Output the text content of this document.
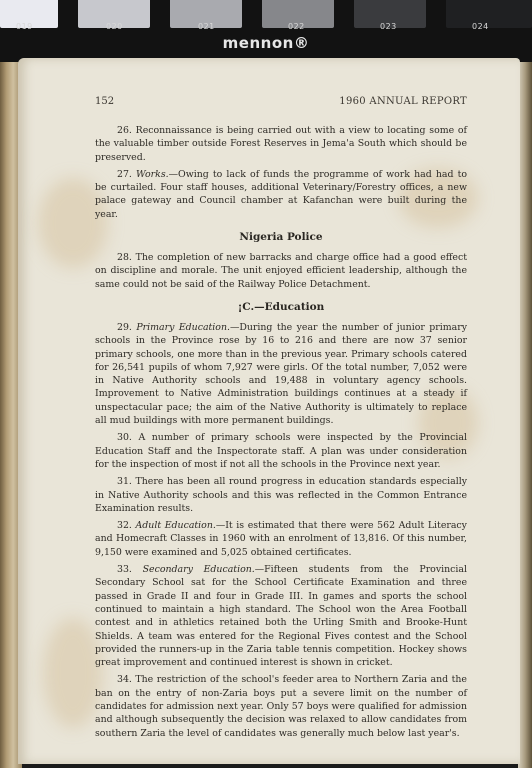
019	020	021	022	023	024
mennon®
152	1960 ANNUAL REPORT

26. Reconnaissance is being carried out with a view to locating some of the valuable timber outside Forest Reserves in Jema'a South which should be preserved.

27. Works.—Owing to lack of funds the programme of work had had to be curtailed. Four staff houses, additional Veterinary/Forestry offices, a new palace gateway and Council chamber at Kafanchan were built during the year.

Nigeria Police

28. The completion of new barracks and charge office had a good effect on discipline and morale. The unit enjoyed efficient leadership, although the same could not be said of the Railway Police Detachment.

¡C.—Education

29. Primary Education.—During the year the number of junior primary schools in the Province rose by 16 to 216 and there are now 37 senior primary schools, one more than in the previous year. Primary schools catered for 26,541 pupils of whom 7,927 were girls. Of the total number, 7,052 were in Native Authority schools and 19,488 in voluntary agency schools. Improvement to Native Administration buildings continues at a steady if unspectacular pace; the aim of the Native Authority is ultimately to replace all mud buildings with more permanent buildings.

30. A number of primary schools were inspected by the Provincial Education Staff and the Inspectorate staff. A plan was under consideration for the inspection of most if not all the schools in the Province next year.

31. There has been all round progress in education standards especially in Native Authority schools and this was reflected in the Common Entrance Examination results.

32. Adult Education.—It is estimated that there were 562 Adult Literacy and Homecraft Classes in 1960 with an enrolment of 13,816. Of this number, 9,150 were examined and 5,025 obtained certificates.

33. Secondary Education.—Fifteen students from the Provincial Secondary School sat for the School Certificate Examination and three passed in Grade II and four in Grade III. In games and sports the school continued to maintain a high standard. The School won the Area Football contest and in athletics retained both the Urling Smith and Brooke-Hunt Shields. A team was entered for the Regional Fives contest and the School provided the runners-up in the Zaria table tennis competition. Hockey shows great improvement and continued interest is shown in cricket.

34. The restriction of the school's feeder area to Northern Zaria and the ban on the entry of non-Zaria boys put a severe limit on the number of candidates for admission next year. Only 57 boys were qualified for admission and although subsequently the decision was relaxed to allow candidates from southern Zaria the level of candidates was generally much below last year's.
